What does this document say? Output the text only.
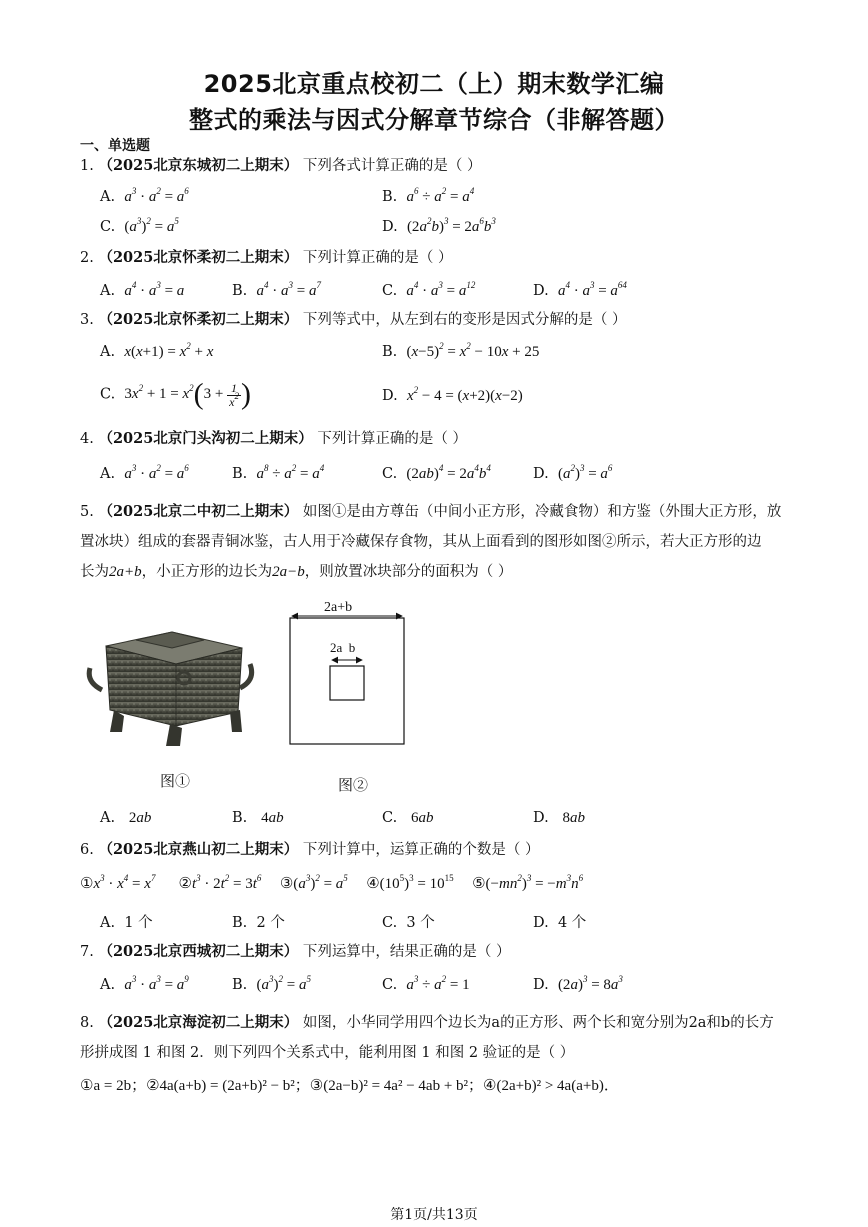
2025北京重点校初二（上）期末数学汇编
整式的乘法与因式分解章节综合（非解答题）
一、单选题
1. （2025北京东城初二上期末） 下列各式计算正确的是（ ）
A.  $a^3 \cdot a^2 = a^6$	B.  $a^6 \div a^2 = a^4$
C.  $(a^3)^2 = a^5$	D.  $(2a^2b)^3 = 2a^6b^3$
2. （2025北京怀柔初二上期末） 下列计算正确的是（ ）
A.  $a^4 \cdot a^3 = a$	B.  $a^4 \cdot a^3 = a^7$	C.  $a^4 \cdot a^3 = a^{12}$	D.  $a^4 \cdot a^3 = a^{64}$
3. （2025北京怀柔初二上期末） 下列等式中，从左到右的变形是因式分解的是（ ）
A.  $x(x+1) = x^2 + x$	B.  $(x-5)^2 = x^2 - 10x + 25$
C.  $3x^2 + 1 = x^2(3 + \frac{1}{x^2}$ )	D.  $x^2 - 4 = (x+2)(x-2)$
4. （2025北京门头沟初二上期末） 下列计算正确的是（ ）
A.  $a^3 \cdot a^2 = a^6$	B.  $a^8 \div a^2 = a^4$	C.  $(2ab)^4 = 2a^4b^4$	D.  $(a^2)^3 = a^6$
5. （2025北京二中初二上期末） 如图①是由方尊缶（中间小正方形，冷藏食物）和方鉴（外围大正方形，放
置冰块）组成的套器青铜冰鉴，古人用于冷藏保存食物，其从上面看到的图形如图②所示，若大正方形的边
长为2a+b，小正方形的边长为2a−b，则放置冰块部分的面积为（ ）
图①
2a+b
2a  b
图②
A.   2ab	B.   4ab	C.   6ab	D.   8ab
6. （2025北京燕山初二上期末） 下列计算中，运算正确的个数是（ ）
$①x^3 \cdot x^4 = x^7$ $②t^3 \cdot 2t^2 = 3t^6$ $③(a^3)^2 = a^5$ $④(10^5)^3 = 10^{15}$ $⑤(-mn^2)^3 = -m^3n^6$
A.  1 个	B.  2 个	C.  3 个	D.  4 个
7. （2025北京西城初二上期末） 下列运算中，结果正确的是（ ）
A.  $a^3 \cdot a^3 = a^9$	B.  $(a^3)^2 = a^5$	C.  $a^3 \div a^2 = 1$	D.  $(2a)^3 = 8a^3$
8. （2025北京海淀初二上期末） 如图，小华同学用四个边长为a的正方形、两个长和宽分别为2a和b的长方
形拼成图 1 和图 2．则下列四个关系式中，能利用图 1 和图 2 验证的是（ ）
①a = 2b；②4a(a+b) = (2a+b)² − b²；③(2a−b)² = 4a² − 4ab + b²；④(2a+b)² > 4a(a+b)．
第1页/共13页
